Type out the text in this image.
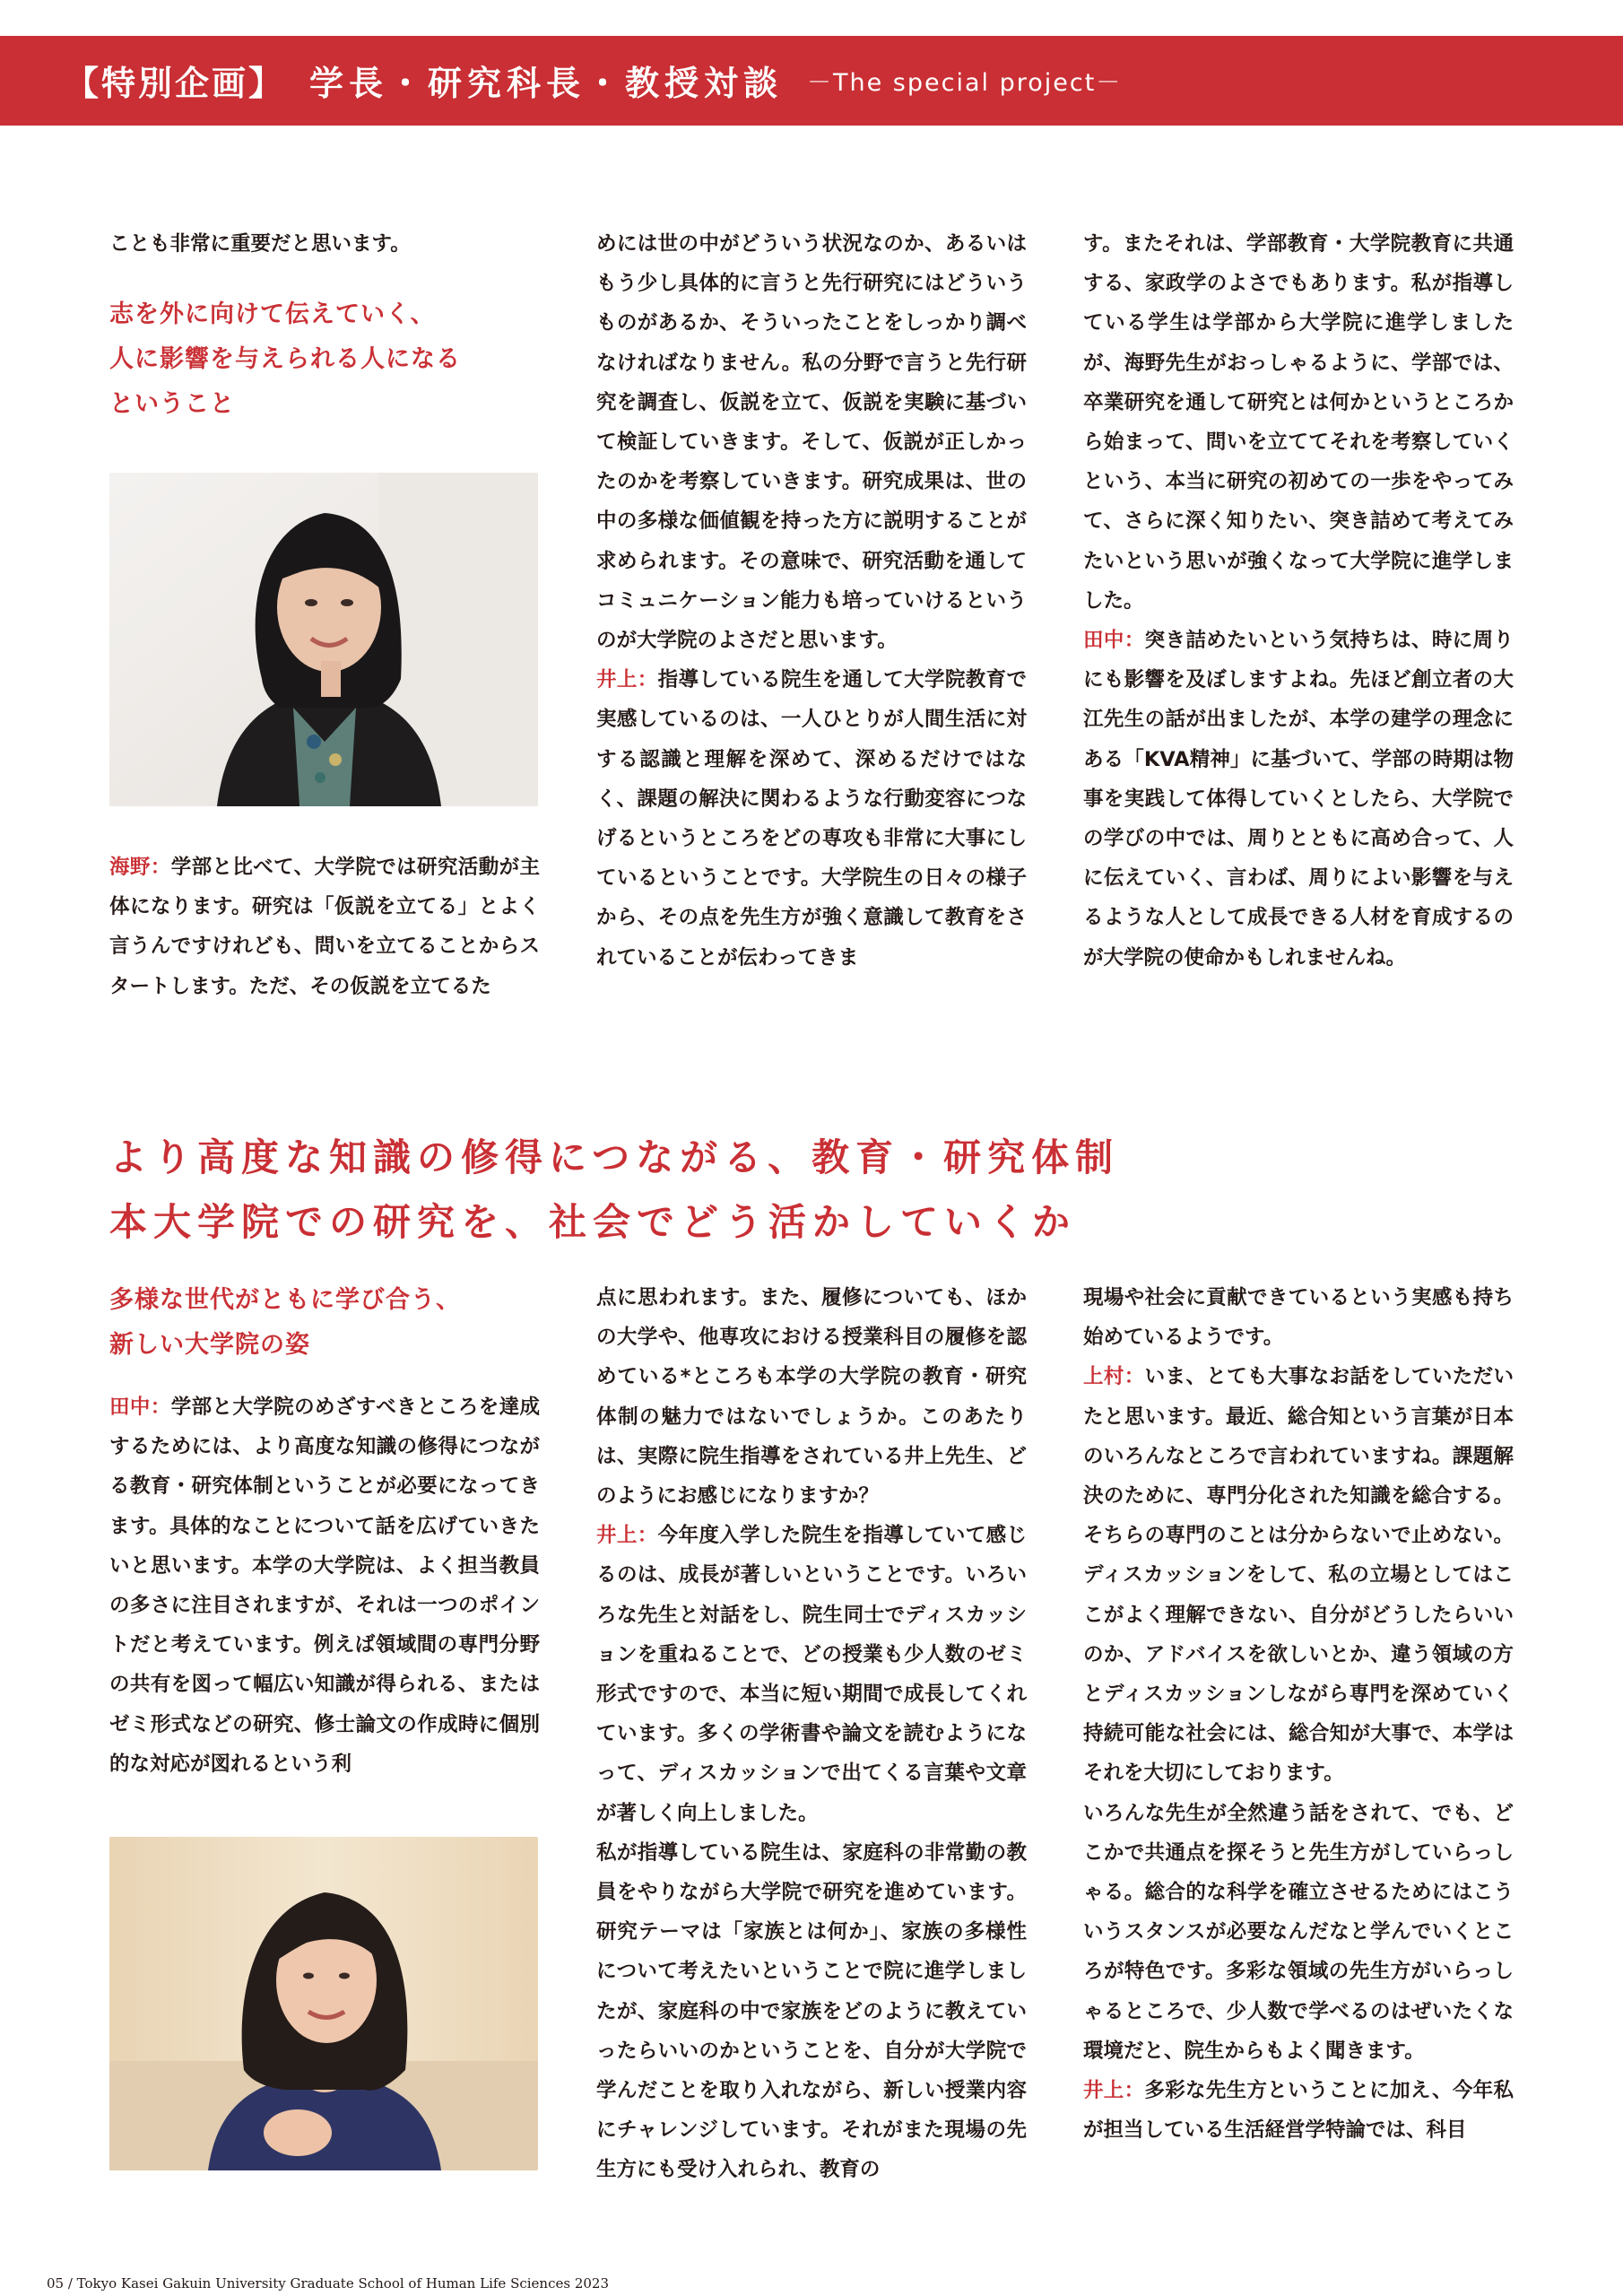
【特別企画】 学長・研究科長・教授対談 －The special project－

ことも非常に重要だと思います。

志を外に向けて伝えていく、
人に影響を与えられる人になる
ということ

海野：学部と比べて、大学院では研究活動が主体になります。研究は「仮説を立てる」とよく言うんですけれども、問いを立てることからスタートします。ただ、その仮説を立てるた

めには世の中がどういう状況なのか、あるいはもう少し具体的に言うと先行研究にはどういうものがあるか、そういったことをしっかり調べなければなりません。私の分野で言うと先行研究を調査し、仮説を立て、仮説を実験に基づいて検証していきます。そして、仮説が正しかったのかを考察していきます。研究成果は、世の中の多様な価値観を持った方に説明することが求められます。その意味で、研究活動を通してコミュニケーション能力も培っていけるというのが大学院のよさだと思います。

井上：指導している院生を通して大学院教育で実感しているのは、一人ひとりが人間生活に対する認識と理解を深めて、深めるだけではなく、課題の解決に関わるような行動変容につなげるというところをどの専攻も非常に大事にしているということです。大学院生の日々の様子から、その点を先生方が強く意識して教育をされていることが伝わってきま

す。またそれは、学部教育・大学院教育に共通する、家政学のよさでもあります。私が指導している学生は学部から大学院に進学しましたが、海野先生がおっしゃるように、学部では、卒業研究を通して研究とは何かというところから始まって、問いを立ててそれを考察していくという、本当に研究の初めての一歩をやってみて、さらに深く知りたい、突き詰めて考えてみたいという思いが強くなって大学院に進学しました。

田中：突き詰めたいという気持ちは、時に周りにも影響を及ぼしますよね。先ほど創立者の大江先生の話が出ましたが、本学の建学の理念にある「KVA精神」に基づいて、学部の時期は物事を実践して体得していくとしたら、大学院での学びの中では、周りとともに高め合って、人に伝えていく、言わば、周りによい影響を与えるような人として成長できる人材を育成するのが大学院の使命かもしれませんね。

より高度な知識の修得につながる、教育・研究体制
本大学院での研究を、社会でどう活かしていくか
多様な世代がともに学び合う、
新しい大学院の姿

田中：学部と大学院のめざすべきところを達成するためには、より高度な知識の修得につながる教育・研究体制ということが必要になってきます。具体的なことについて話を広げていきたいと思います。本学の大学院は、よく担当教員の多さに注目されますが、それは一つのポイントだと考えています。例えば領域間の専門分野の共有を図って幅広い知識が得られる、またはゼミ形式などの研究、修士論文の作成時に個別的な対応が図れるという利

点に思われます。また、履修についても、ほかの大学や、他専攻における授業科目の履修を認めている*ところも本学の大学院の教育・研究体制の魅力ではないでしょうか。このあたりは、実際に院生指導をされている井上先生、どのようにお感じになりますか？

井上：今年度入学した院生を指導していて感じるのは、成長が著しいということです。いろいろな先生と対話をし、院生同士でディスカッションを重ねることで、どの授業も少人数のゼミ形式ですので、本当に短い期間で成長してくれています。多くの学術書や論文を読むようになって、ディスカッションで出てくる言葉や文章が著しく向上しました。

私が指導している院生は、家庭科の非常勤の教員をやりながら大学院で研究を進めています。研究テーマは「家族とは何か」、家族の多様性について考えたいということで院に進学しましたが、家庭科の中で家族をどのように教えていったらいいのかということを、自分が大学院で学んだことを取り入れながら、新しい授業内容にチャレンジしています。それがまた現場の先生方にも受け入れられ、教育の

現場や社会に貢献できているという実感も持ち始めているようです。

上村：いま、とても大事なお話をしていただいたと思います。最近、総合知という言葉が日本のいろんなところで言われていますね。課題解決のために、専門分化された知識を総合する。そちらの専門のことは分からないで止めない。ディスカッションをして、私の立場としてはここがよく理解できない、自分がどうしたらいいのか、アドバイスを欲しいとか、違う領域の方とディスカッションしながら専門を深めていく持続可能な社会には、総合知が大事で、本学はそれを大切にしております。

いろんな先生が全然違う話をされて、でも、どこかで共通点を探そうと先生方がしていらっしゃる。総合的な科学を確立させるためにはこういうスタンスが必要なんだなと学んでいくところが特色です。多彩な領域の先生方がいらっしゃるところで、少人数で学べるのはぜいたくな環境だと、院生からもよく聞きます。

井上：多彩な先生方ということに加え、今年私が担当している生活経営学特論では、科目

05 / Tokyo Kasei Gakuin University Graduate School of Human Life Sciences 2023
